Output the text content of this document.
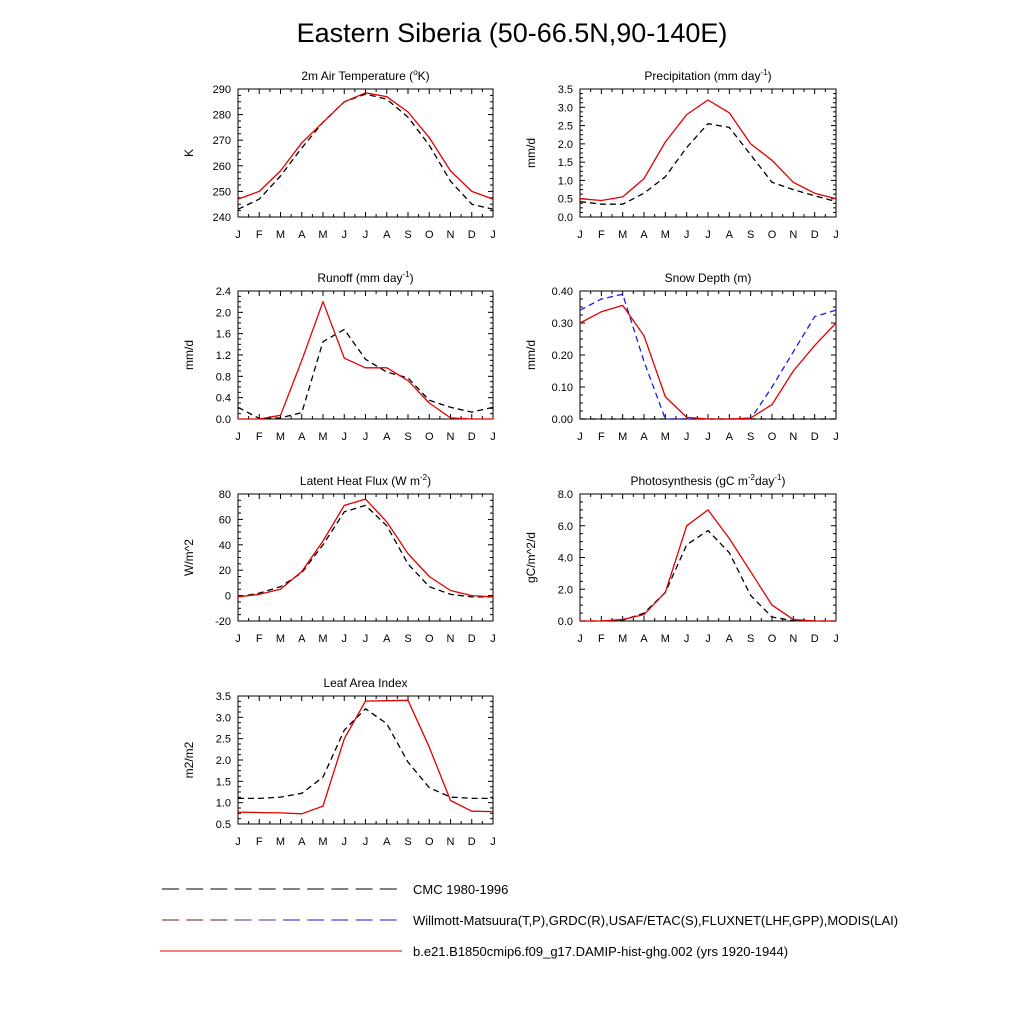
Eastern Siberia (50-66.5N,90-140E)
J F M A M J J A S O N D J
240
250
260
270
280
290
K
2m Air Temperature ($^o$K)
J F M A M J J A S O N D J
0.0
0.5
1.0
1.5
2.0
2.5
3.0
3.5
mm/d
Precipitation (mm day$^{-1}$)
J F M A M J J A S O N D J
0.0
0.4
0.8
1.2
1.6
2.0
2.4
mm/d
Runoff (mm day$^{-1}$)
J F M A M J J A S O N D J
0.00
0.10
0.20
0.30
0.40
mm/d
Snow Depth (m)
J F M A M J J A S O N D J
-20
0
20
40
60
80
W/m^2
Latent Heat Flux (W $m^{-2}$)
J F M A M J J A S O N D J
0.0
2.0
4.0
6.0
8.0
gC/m^2/d
Photosynthesis (gC $m^{-2}day^{-1}$)
J F M A M J J A S O N D J
0.5
1.0
1.5
2.0
2.5
3.0
3.5
m2/m2
Leaf Area Index
CMC 1980-1996
Willmott-Matsuura(T,P),GRDC(R),USAF/ETAC(S),FLUXNET(LHF,GPP),MODIS(LAI)
b.e21.B1850cmip6.f09_g17.DAMIP-hist-ghg.002 (yrs 1920-1944)
